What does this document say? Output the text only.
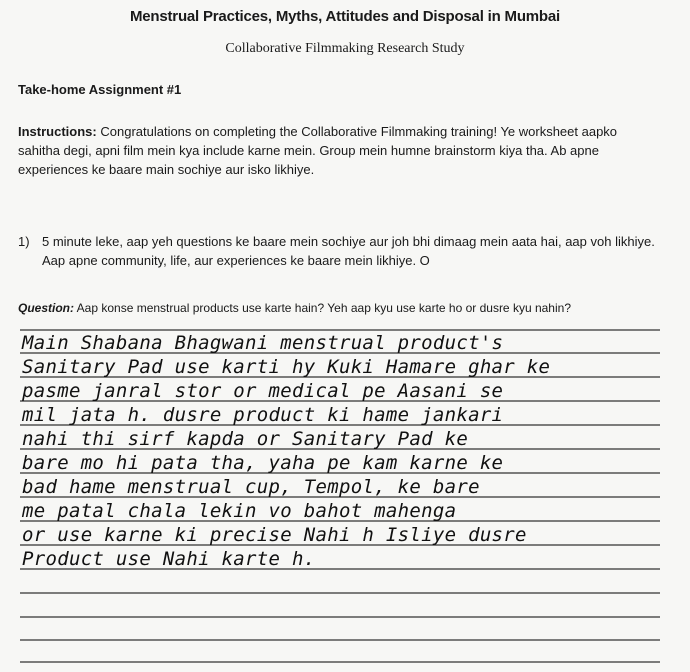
Menstrual Practices, Myths, Attitudes and Disposal in Mumbai
Collaborative Filmmaking Research Study
Take-home Assignment #1
Instructions: Congratulations on completing the Collaborative Filmmaking training! Ye worksheet aapko sahitha degi, apni film mein kya include karne mein. Group mein humne brainstorm kiya tha. Ab apne experiences ke baare main sochiye aur isko likhiye.
1) 5 minute leke, aap yeh questions ke baare mein sochiye aur joh bhi dimaag mein aata hai, aap voh likhiye. Aap apne community, life, aur experiences ke baare mein likhiye. O
Question: Aap konse menstrual products use karte hain? Yeh aap kyu use karte ho or dusre kyu nahin?
Main Shabana Bhagwani menstrual product's
Sanitary Pad use karti hy Kuki Hamare ghar ke
pasme janral stor or medical pe Aasani se
mil jata h. dusre product ki hame jankari
nahi thi sirf kapda or Sanitary Pad ke
bare mo hi pata tha, yaha pe kam karne ke
bad hame menstrual cup, Tempol, ke bare
me patal chala lekin vo bahot mahenga
or use karne ki precise Nahi h Isliye dusre
Product use Nahi karte h.
